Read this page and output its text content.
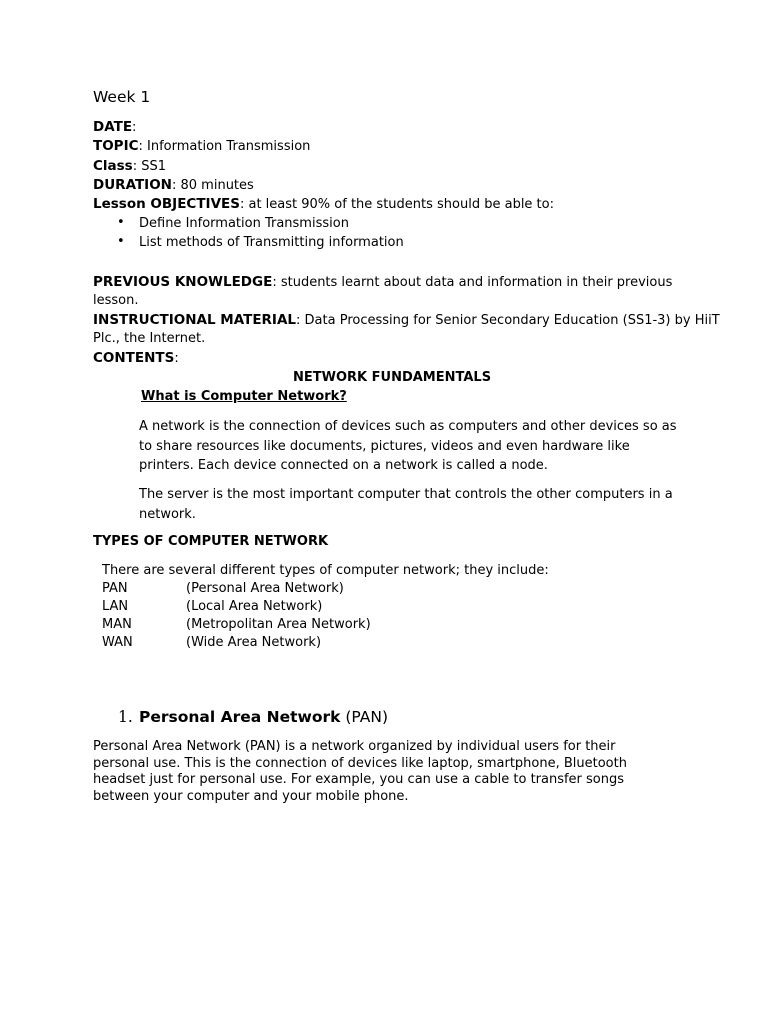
Week 1
DATE:
TOPIC: Information Transmission
Class: SS1
DURATION: 80 minutes
Lesson OBJECTIVES: at least 90% of the students should be able to:
• Define Information Transmission
• List methods of Transmitting information
PREVIOUS KNOWLEDGE: students learnt about data and information in their previous
lesson.
INSTRUCTIONAL MATERIAL: Data Processing for Senior Secondary Education (SS1-3) by HiiT
Plc., the Internet.
CONTENTS:
NETWORK FUNDAMENTALS
What is Computer Network?
A network is the connection of devices such as computers and other devices so as to share resources like documents, pictures, videos and even hardware like printers. Each device connected on a network is called a node.
The server is the most important computer that controls the other computers in a network.
TYPES OF COMPUTER NETWORK
There are several different types of computer network; they include:
PAN	(Personal Area Network)
LAN	(Local Area Network)
MAN	(Metropolitan Area Network)
WAN	(Wide Area Network)
1. Personal Area Network (PAN)
Personal Area Network (PAN) is a network organized by individual users for their personal use. This is the connection of devices like laptop, smartphone, Bluetooth headset just for personal use. For example, you can use a cable to transfer songs between your computer and your mobile phone.
